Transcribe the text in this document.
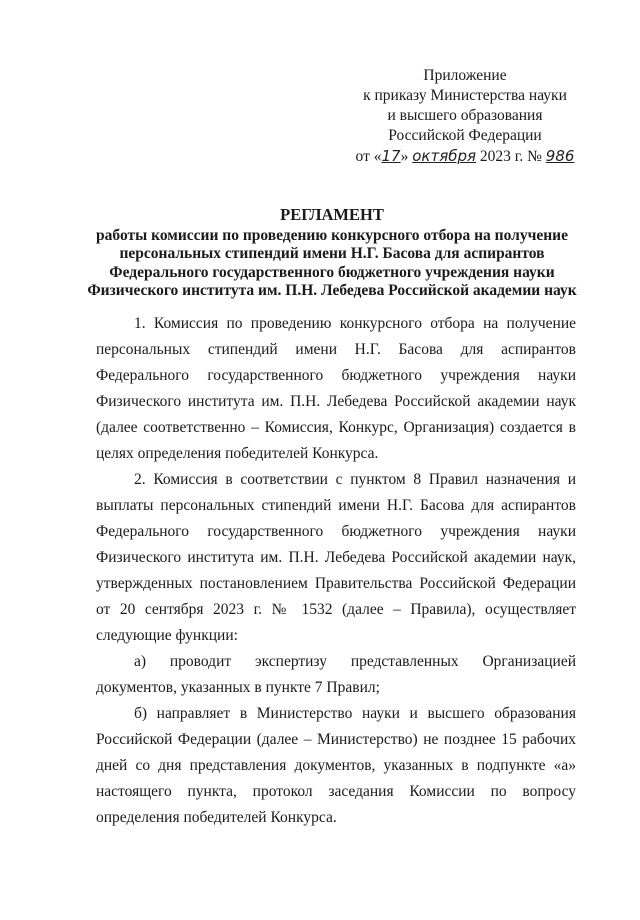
Приложение
к приказу Министерства науки
и высшего образования
Российской Федерации
от «17» октября 2023 г. № 986
РЕГЛАМЕНТ
работы комиссии по проведению конкурсного отбора на получение
персональных стипендий имени Н.Г. Басова для аспирантов
Федерального государственного бюджетного учреждения науки
Физического института им. П.Н. Лебедева Российской академии наук

1. Комиссия по проведению конкурсного отбора на получение персональных стипендий имени Н.Г. Басова для аспирантов Федерального государственного бюджетного учреждения науки Физического института им. П.Н. Лебедева Российской академии наук (далее соответственно – Комиссия, Конкурс, Организация) создается в целях определения победителей Конкурса.

2. Комиссия в соответствии с пунктом 8 Правил назначения и выплаты персональных стипендий имени Н.Г. Басова для аспирантов Федерального государственного бюджетного учреждения науки Физического института им. П.Н. Лебедева Российской академии наук, утвержденных постановлением Правительства Российской Федерации от 20 сентября 2023 г. № 1532 (далее – Правила), осуществляет следующие функции:

а) проводит экспертизу представленных Организацией документов, указанных в пункте 7 Правил;

б) направляет в Министерство науки и высшего образования Российской Федерации (далее – Министерство) не позднее 15 рабочих дней со дня представления документов, указанных в подпункте «а» настоящего пункта, протокол заседания Комиссии по вопросу определения победителей Конкурса.
